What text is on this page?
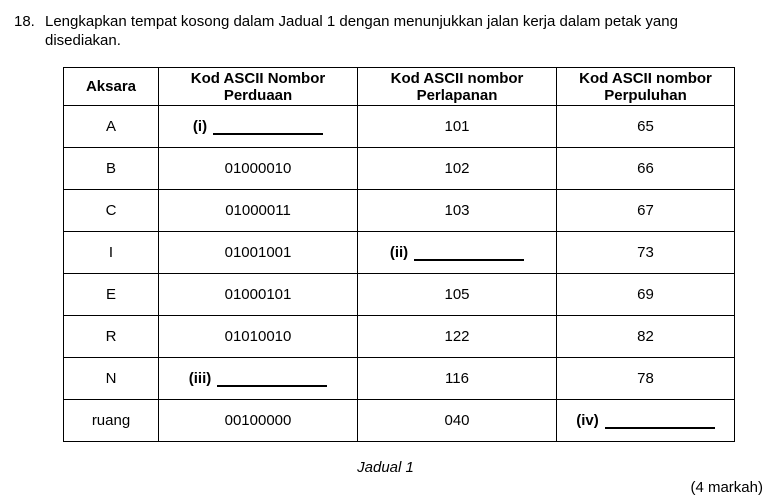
18. Lengkapkan tempat kosong dalam Jadual 1 dengan menunjukkan jalan kerja dalam petak yang disediakan.
Aksara	Kod ASCII Nombor Perduaan	Kod ASCII nombor Perlapanan	Kod ASCII nombor Perpuluhan
A	(i)	101	65
B	01000010	102	66
C	01000011	103	67
I	01001001	(ii)	73
E	01000101	105	69
R	01010010	122	82
N	(iii)	116	78
ruang	00100000	040	(iv)
Jadual 1
(4 markah)
